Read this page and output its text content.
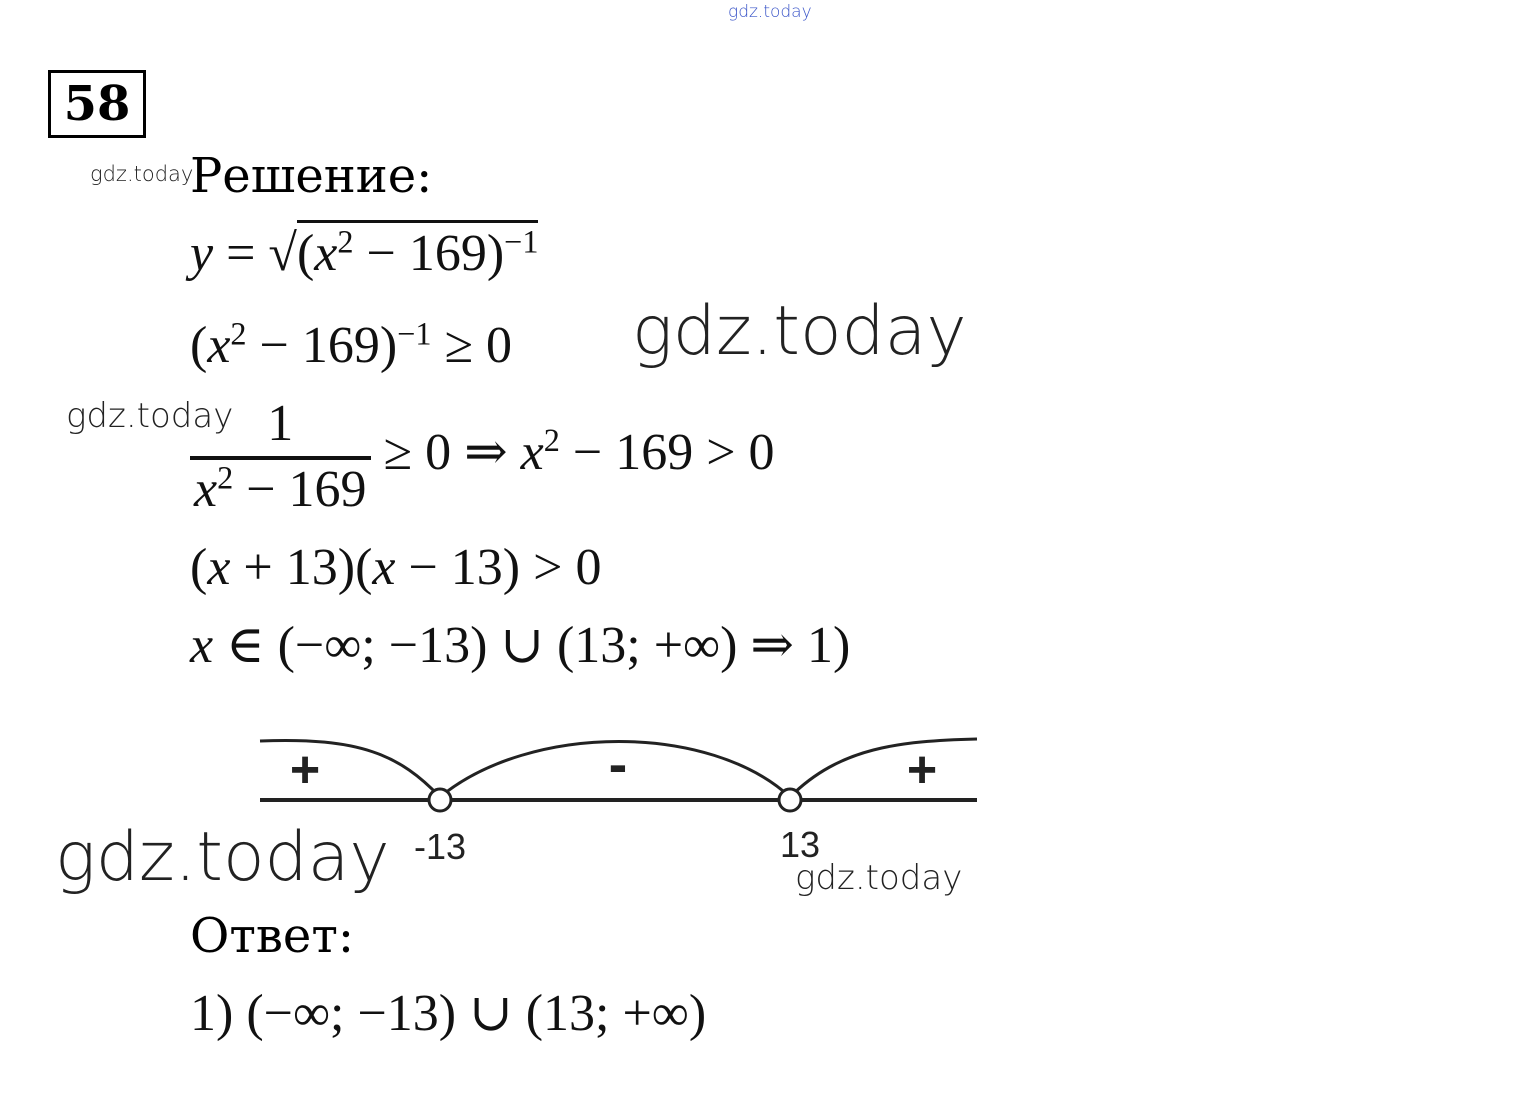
gdz.today
gdz.today
gdz.today
gdz.today
gdz.today	gdz.today
58
Решение:
$y = √(x^2 - 169)^{-1}$
$(x^2 - 169)^{-1} \ge 0$
$\frac{1}{x^2 - 169} \ge 0$ ⇒ $x^2 - 169 > 0$
(x + 13)(x − 13) > 0
x ∈ (−∞; −13) ∪ (13; +∞) ⇒ 1)
+	-	+
-13	13
Ответ:
1) (−∞; −13) ∪ (13; +∞)
